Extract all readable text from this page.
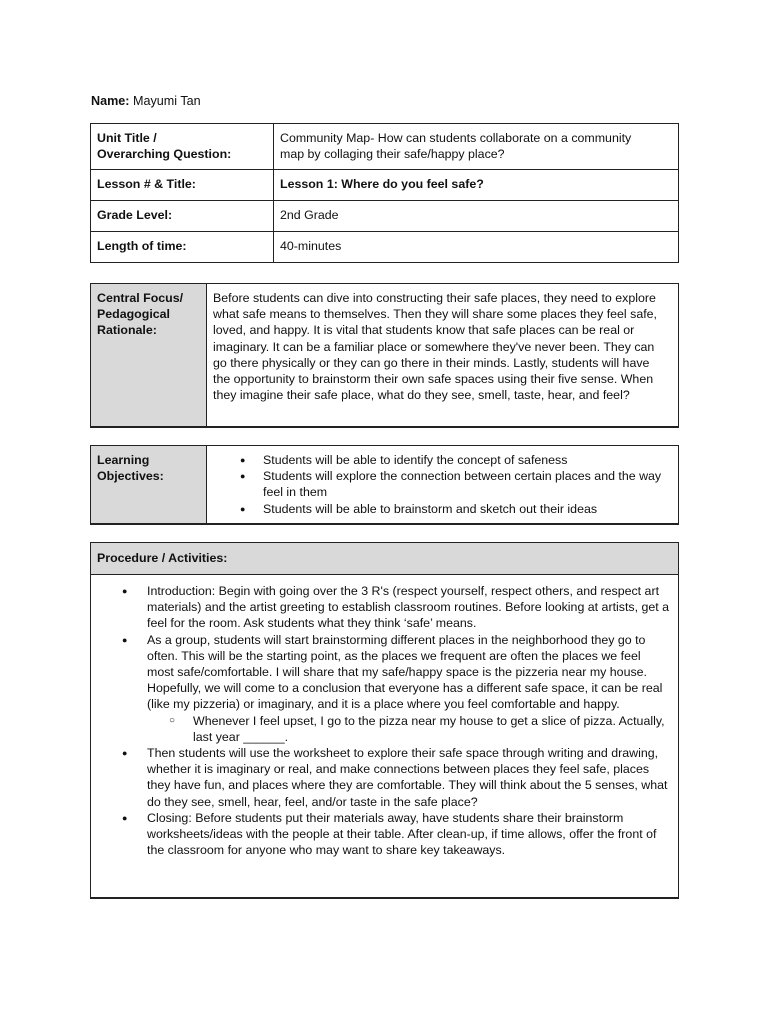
Name: Mayumi Tan
Unit Title /
Overarching Question:	Community Map- How can students collaborate on a community map by collaging their safe/happy place?

Lesson # & Title:	Lesson 1: Where do you feel safe?

Grade Level:	2nd Grade

Length of time:	40-minutes
Central Focus/ Pedagogical Rationale:

Before students can dive into constructing their safe places, they need to explore what safe means to themselves. Then they will share some places they feel safe, loved, and happy. It is vital that students know that safe places can be real or imaginary. It can be a familiar place or somewhere they've never been. They can go there physically or they can go there in their minds. Lastly, students will have the opportunity to brainstorm their own safe spaces using their five sense. When they imagine their safe place, what do they see, smell, taste, hear, and feel?
Learning Objectives:

● Students will be able to identify the concept of safeness
● Students will explore the connection between certain places and the way feel in them
● Students will be able to brainstorm and sketch out their ideas
Procedure / Activities:

● Introduction: Begin with going over the 3 R's (respect yourself, respect others, and respect art materials) and the artist greeting to establish classroom routines. Before looking at artists, get a feel for the room. Ask students what they think ‘safe’ means.
● As a group, students will start brainstorming different places in the neighborhood they go to often. This will be the starting point, as the places we frequent are often the places we feel most safe/comfortable. I will share that my safe/happy space is the pizzeria near my house. Hopefully, we will come to a conclusion that everyone has a different safe space, it can be real (like my pizzeria) or imaginary, and it is a place where you feel comfortable and happy.
○ Whenever I feel upset, I go to the pizza near my house to get a slice of pizza. Actually, last year ______.
● Then students will use the worksheet to explore their safe space through writing and drawing, whether it is imaginary or real, and make connections between places they feel safe, places they have fun, and places where they are comfortable. They will think about the 5 senses, what do they see, smell, hear, feel, and/or taste in the safe place?
● Closing: Before students put their materials away, have students share their brainstorm worksheets/ideas with the people at their table. After clean-up, if time allows, offer the front of the classroom for anyone who may want to share key takeaways.
